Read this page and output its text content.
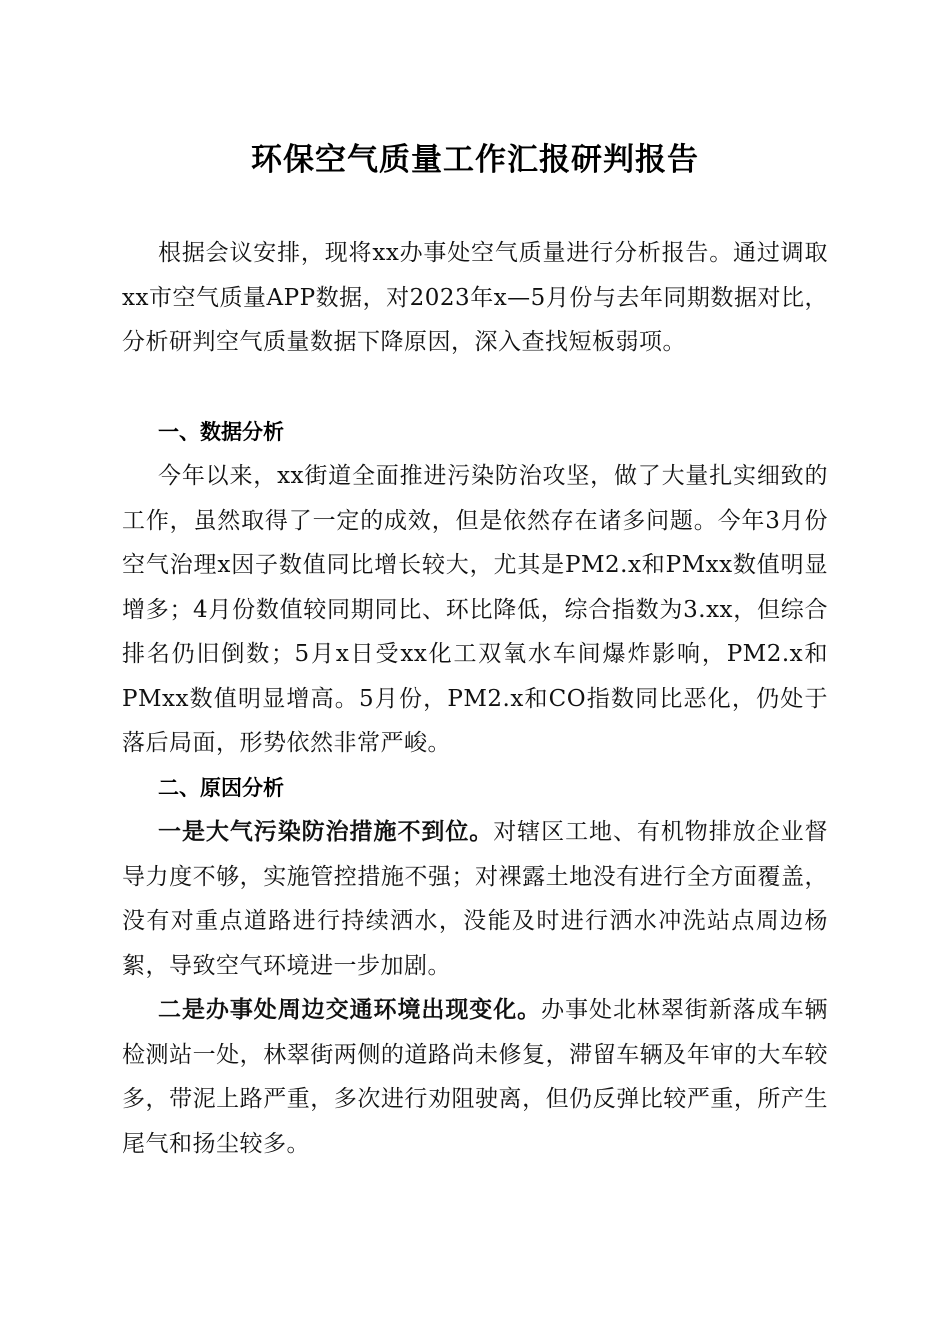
环保空气质量工作汇报研判报告

根据会议安排，现将xx办事处空气质量进行分析报告。通过调取xx市空气质量APP数据，对2023年x—5月份与去年同期数据对比，分析研判空气质量数据下降原因，深入查找短板弱项。

一、数据分析

今年以来，xx街道全面推进污染防治攻坚，做了大量扎实细致的工作，虽然取得了一定的成效，但是依然存在诸多问题。今年3月份空气治理x因子数值同比增长较大，尤其是PM2.x和PMxx数值明显增多；4月份数值较同期同比、环比降低，综合指数为3.xx，但综合排名仍旧倒数；5月x日受xx化工双氧水车间爆炸影响，PM2.x和PMxx数值明显增高。5月份，PM2.x和CO指数同比恶化，仍处于落后局面，形势依然非常严峻。

二、原因分析

一是大气污染防治措施不到位。对辖区工地、有机物排放企业督导力度不够，实施管控措施不强；对裸露土地没有进行全方面覆盖，没有对重点道路进行持续洒水，没能及时进行洒水冲洗站点周边杨絮，导致空气环境进一步加剧。

二是办事处周边交通环境出现变化。办事处北林翠街新落成车辆检测站一处，林翠街两侧的道路尚未修复，滞留车辆及年审的大车较多，带泥上路严重，多次进行劝阻驶离，但仍反弹比较严重，所产生尾气和扬尘较多。
